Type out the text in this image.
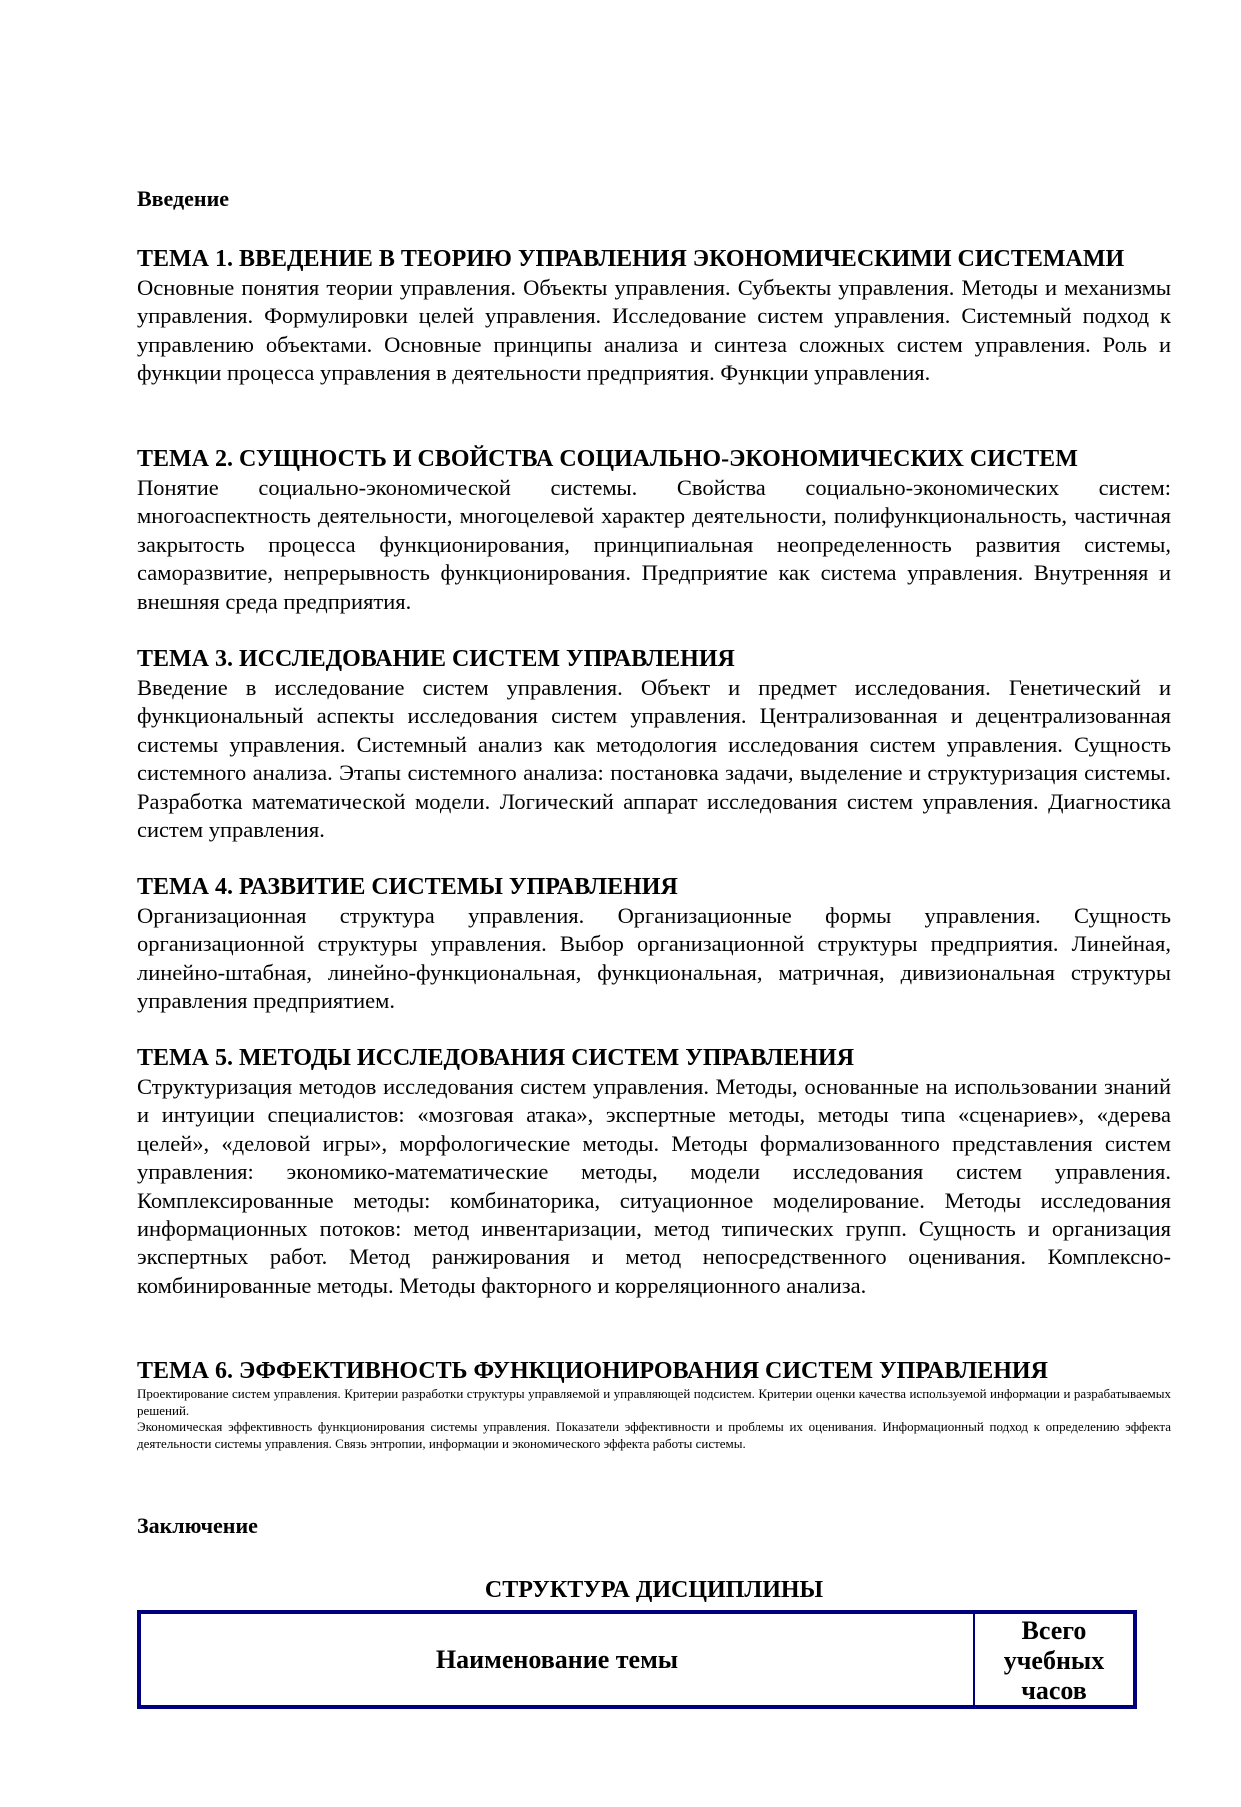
Введение
ТЕМА 1. ВВЕДЕНИЕ В ТЕОРИЮ УПРАВЛЕНИЯ ЭКОНОМИЧЕСКИМИ СИСТЕМАМИ

Основные понятия теории управления. Объекты управления. Субъекты управления. Методы и механизмы управления. Формулировки целей управления. Исследование систем управления. Системный подход к управлению объектами. Основные принципы анализа и синтеза сложных систем управления. Роль и функции процесса управления в деятельности предприятия. Функции управления.

ТЕМА 2. СУЩНОСТЬ И СВОЙСТВА СОЦИАЛЬНО-ЭКОНОМИЧЕСКИХ СИСТЕМ

Понятие социально-экономической системы. Свойства социально-экономических систем: многоаспектность деятельности, многоцелевой характер деятельности, полифункциональность, частичная закрытость процесса функционирования, принципиальная неопределенность развития системы, саморазвитие, непрерывность функционирования. Предприятие как система управления. Внутренняя и внешняя среда предприятия.

ТЕМА 3. ИССЛЕДОВАНИЕ СИСТЕМ УПРАВЛЕНИЯ

Введение в исследование систем управления. Объект и предмет исследования. Генетический и функциональный аспекты исследования систем управления. Централизованная и децентрализованная системы управления. Системный анализ как методология исследования систем управления. Сущность системного анализа. Этапы системного анализа: постановка задачи, выделение и структуризация системы. Разработка математической модели. Логический аппарат исследования систем управления. Диагностика систем управления.

ТЕМА 4. РАЗВИТИЕ СИСТЕМЫ УПРАВЛЕНИЯ

Организационная структура управления. Организационные формы управления. Сущность организационной структуры управления. Выбор организационной структуры предприятия. Линейная, линейно-штабная, линейно-функциональная, функциональная, матричная, дивизиональная структуры управления предприятием.

ТЕМА 5. МЕТОДЫ ИССЛЕДОВАНИЯ СИСТЕМ УПРАВЛЕНИЯ

Структуризация методов исследования систем управления. Методы, основанные на использовании знаний и интуиции специалистов: «мозговая атака», экспертные методы, методы типа «сценариев», «дерева целей», «деловой игры», морфологические методы. Методы формализованного представления систем управления: экономико-математические методы, модели исследования систем управления. Комплексированные методы: комбинаторика, ситуационное моделирование. Методы исследования информационных потоков: метод инвентаризации, метод типических групп. Сущность и организация экспертных работ. Метод ранжирования и метод непосредственного оценивания. Комплексно-комбинированные методы. Методы факторного и корреляционного анализа.

ТЕМА 6. ЭФФЕКТИВНОСТЬ ФУНКЦИОНИРОВАНИЯ СИСТЕМ УПРАВЛЕНИЯ

Проектирование систем управления. Критерии разработки структуры управляемой и управляющей подсистем. Критерии оценки качества используемой информации и разрабатываемых решений.

Экономическая эффективность функционирования системы управления. Показатели эффективности и проблемы их оценивания. Информационный подход к определению эффекта деятельности системы управления. Связь энтропии, информации и экономического эффекта работы системы.

Заключение
СТРУКТУРА ДИСЦИПЛИНЫ
Наименование темы
Всего
учебных
часов
